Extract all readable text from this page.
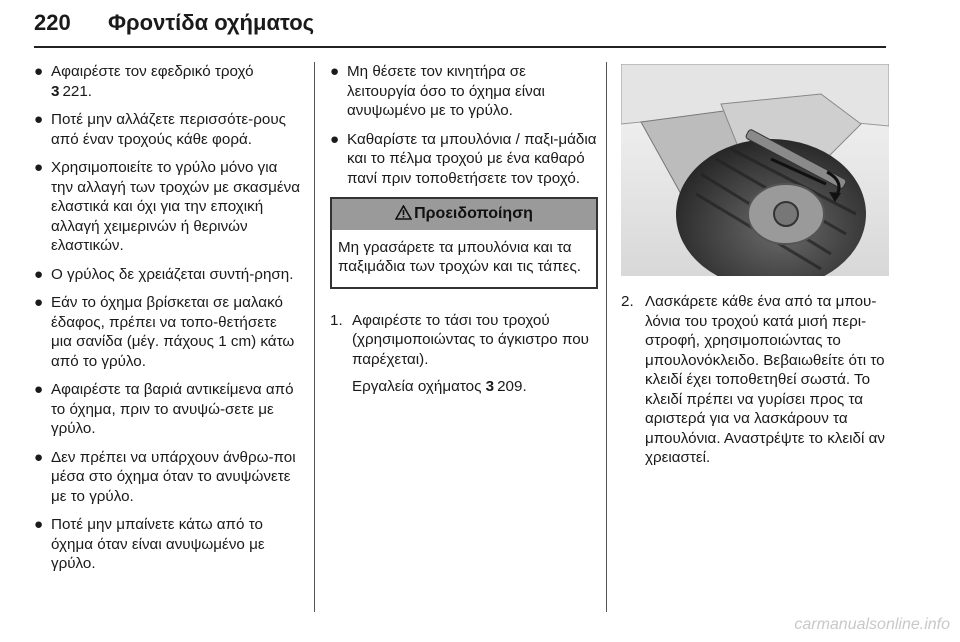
220 Φροντίδα οχήματος
● Αφαιρέστε τον εφεδρικό τροχό
3 221.
● Ποτέ μην αλλάζετε περισσότε-ρους από έναν τροχούς κάθε φορά.
● Χρησιμοποιείτε το γρύλο μόνο για την αλλαγή των τροχών με σκασμένα ελαστικά και όχι για την εποχική αλλαγή χειμερινών ή θερινών ελαστικών.
● Ο γρύλος δε χρειάζεται συντή-ρηση.
● Εάν το όχημα βρίσκεται σε μαλακό έδαφος, πρέπει να τοπο-θετήσετε μια σανίδα (μέγ. πάχους 1 cm) κάτω από το γρύλο.
● Αφαιρέστε τα βαριά αντικείμενα από το όχημα, πριν το ανυψώ-σετε με γρύλο.
● Δεν πρέπει να υπάρχουν άνθρω-ποι μέσα στο όχημα όταν το ανυψώνετε με το γρύλο.
● Ποτέ μην μπαίνετε κάτω από το όχημα όταν είναι ανυψωμένο με γρύλο.
● Μη θέσετε τον κινητήρα σε λειτουργία όσο το όχημα είναι ανυψωμένο με το γρύλο.
● Καθαρίστε τα μπουλόνια / παξι-μάδια και το πέλμα τροχού με ένα καθαρό πανί πριν τοποθετήσετε τον τροχό.
Προειδοποίηση
Μη γρασάρετε τα μπουλόνια και τα παξιμάδια των τροχών και τις τάπες.
1. Αφαιρέστε το τάσι του τροχού (χρησιμοποιώντας το άγκιστρο που παρέχεται).
Εργαλεία οχήματος 3 209.
2. Λασκάρετε κάθε ένα από τα μπου-λόνια του τροχού κατά μισή περι-στροφή, χρησιμοποιώντας το μπουλονόκλειδο. Βεβαιωθείτε ότι το κλειδί έχει τοποθετηθεί σωστά. Το κλειδί πρέπει να γυρίσει προς τα αριστερά για να λασκάρουν τα μπουλόνια. Αναστρέψτε το κλειδί αν χρειαστεί.
carmanualsonline.info
